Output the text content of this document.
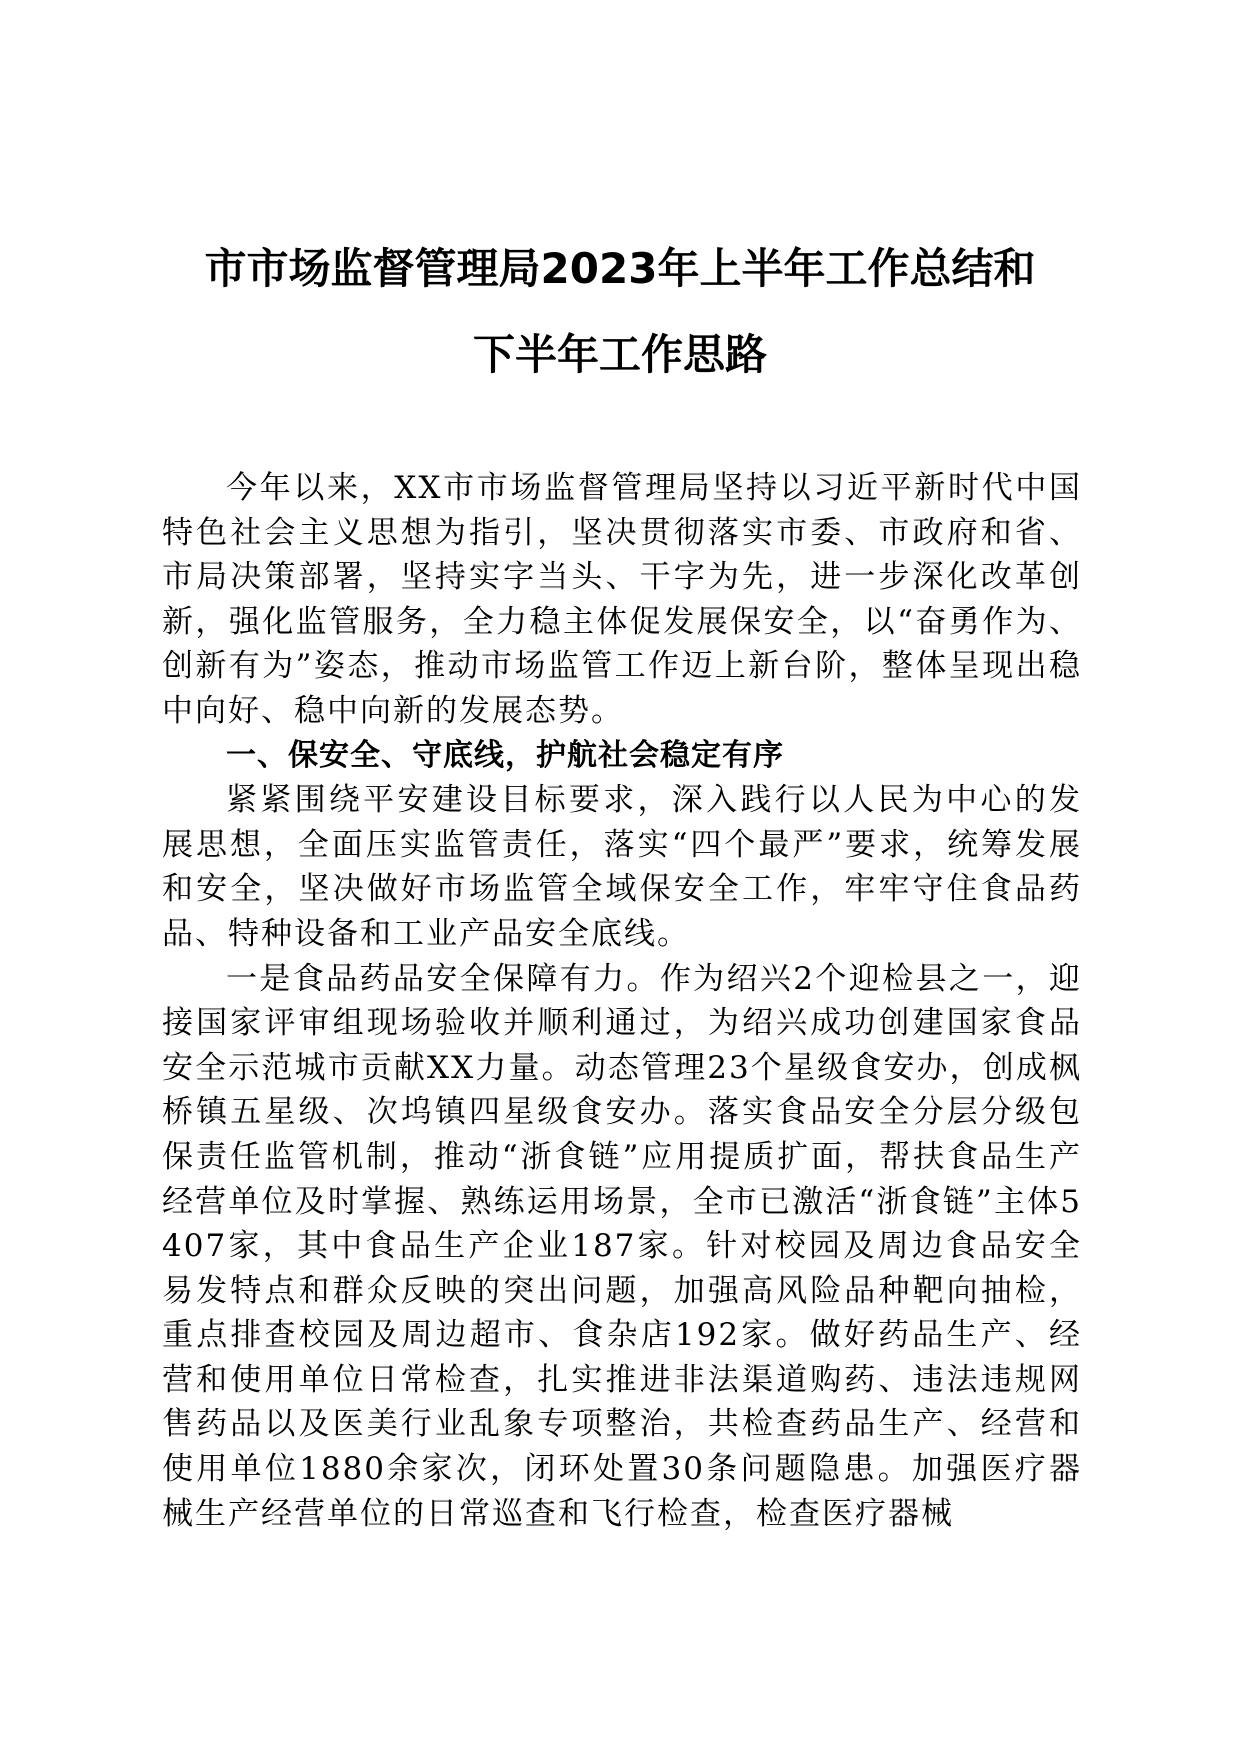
市市场监督管理局2023年上半年工作总结和
下半年工作思路

今年以来，XX市市场监督管理局坚持以习近平新时代中国特色社会主义思想为指引，坚决贯彻落实市委、市政府和省、市局决策部署，坚持实字当头、干字为先，进一步深化改革创新，强化监管服务，全力稳主体促发展保安全，以“奋勇作为、创新有为”姿态，推动市场监管工作迈上新台阶，整体呈现出稳中向好、稳中向新的发展态势。

一、保安全、守底线，护航社会稳定有序

紧紧围绕平安建设目标要求，深入践行以人民为中心的发展思想，全面压实监管责任，落实“四个最严”要求，统筹发展和安全，坚决做好市场监管全域保安全工作，牢牢守住食品药品、特种设备和工业产品安全底线。

一是食品药品安全保障有力。作为绍兴2个迎检县之一，迎接国家评审组现场验收并顺利通过，为绍兴成功创建国家食品安全示范城市贡献XX力量。动态管理23个星级食安办，创成枫桥镇五星级、次坞镇四星级食安办。落实食品安全分层分级包保责任监管机制，推动“浙食链”应用提质扩面，帮扶食品生产经营单位及时掌握、熟练运用场景，全市已激活“浙食链”主体5407家，其中食品生产企业187家。针对校园及周边食品安全易发特点和群众反映的突出问题，加强高风险品种靶向抽检，重点排查校园及周边超市、食杂店192家。做好药品生产、经营和使用单位日常检查，扎实推进非法渠道购药、违法违规网售药品以及医美行业乱象专项整治，共检查药品生产、经营和使用单位1880余家次，闭环处置30条问题隐患。加强医疗器械生产经营单位的日常巡查和飞行检查，检查医疗器械
